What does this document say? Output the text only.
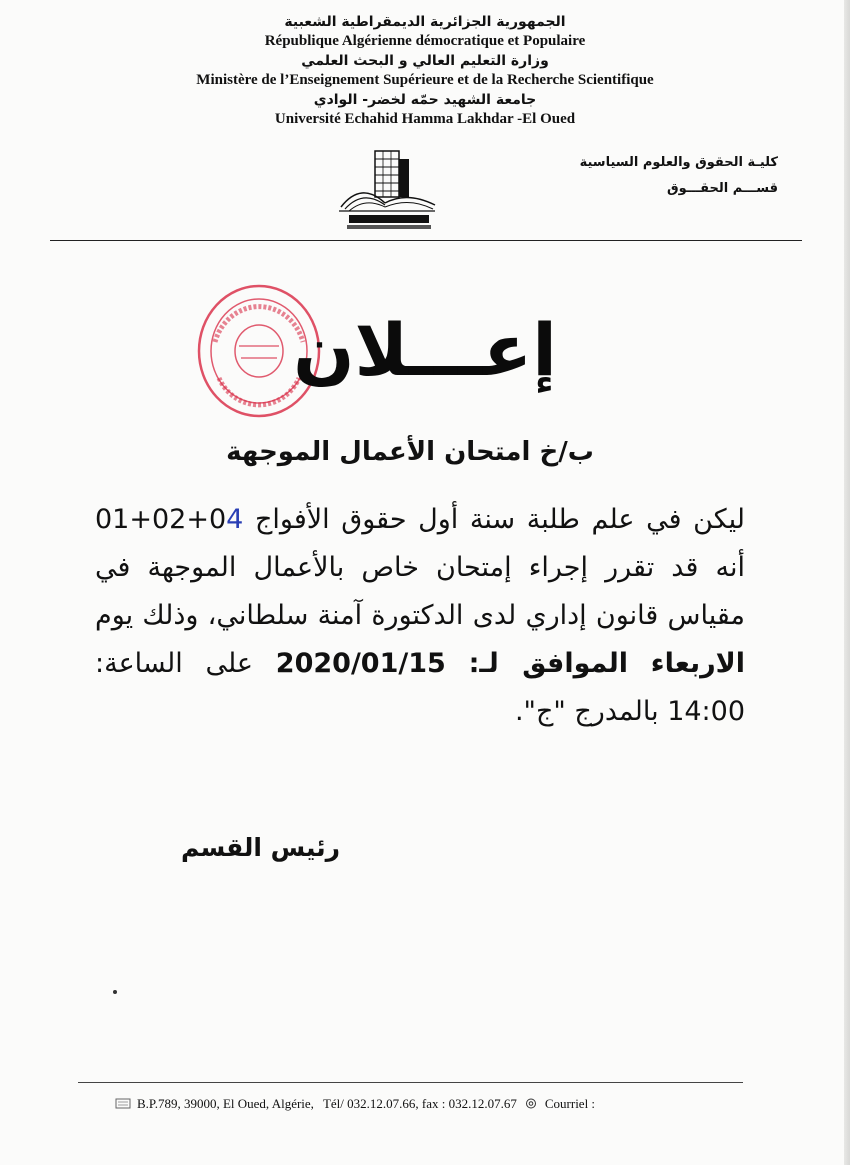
الجمهورية الجزائرية الديمقراطية الشعبية
République Algérienne démocratique et Populaire
وزارة التعليم العالي و البحث العلمي
Ministère de l’Enseignement Supérieure et de la Recherche Scientifique
جامعة الشهيد حمّه لخضر- الوادي
Université Echahid Hamma Lakhdar -El Oued
كليـة الحقوق والعلوم السياسية
قســـم الحقـــوق
إعـــلان
ب/خ امتحان الأعمال الموجهة
ليكن في علم طلبة سنة أول حقوق الأفواج 01+02+04 أنه قد تقرر إجراء إمتحان خاص بالأعمال الموجهة في مقياس قانون إداري لدى الدكتورة آمنة سلطاني، وذلك يوم الاربعاء الموافق لـ: 2020/01/15 على الساعة: 14:00 بالمدرج "ج".
رئيس القسم
B.P.789, 39000, El Oued, Algérie, Tél/ 032.12.07.66, fax : 032.12.07.67 Courriel :
